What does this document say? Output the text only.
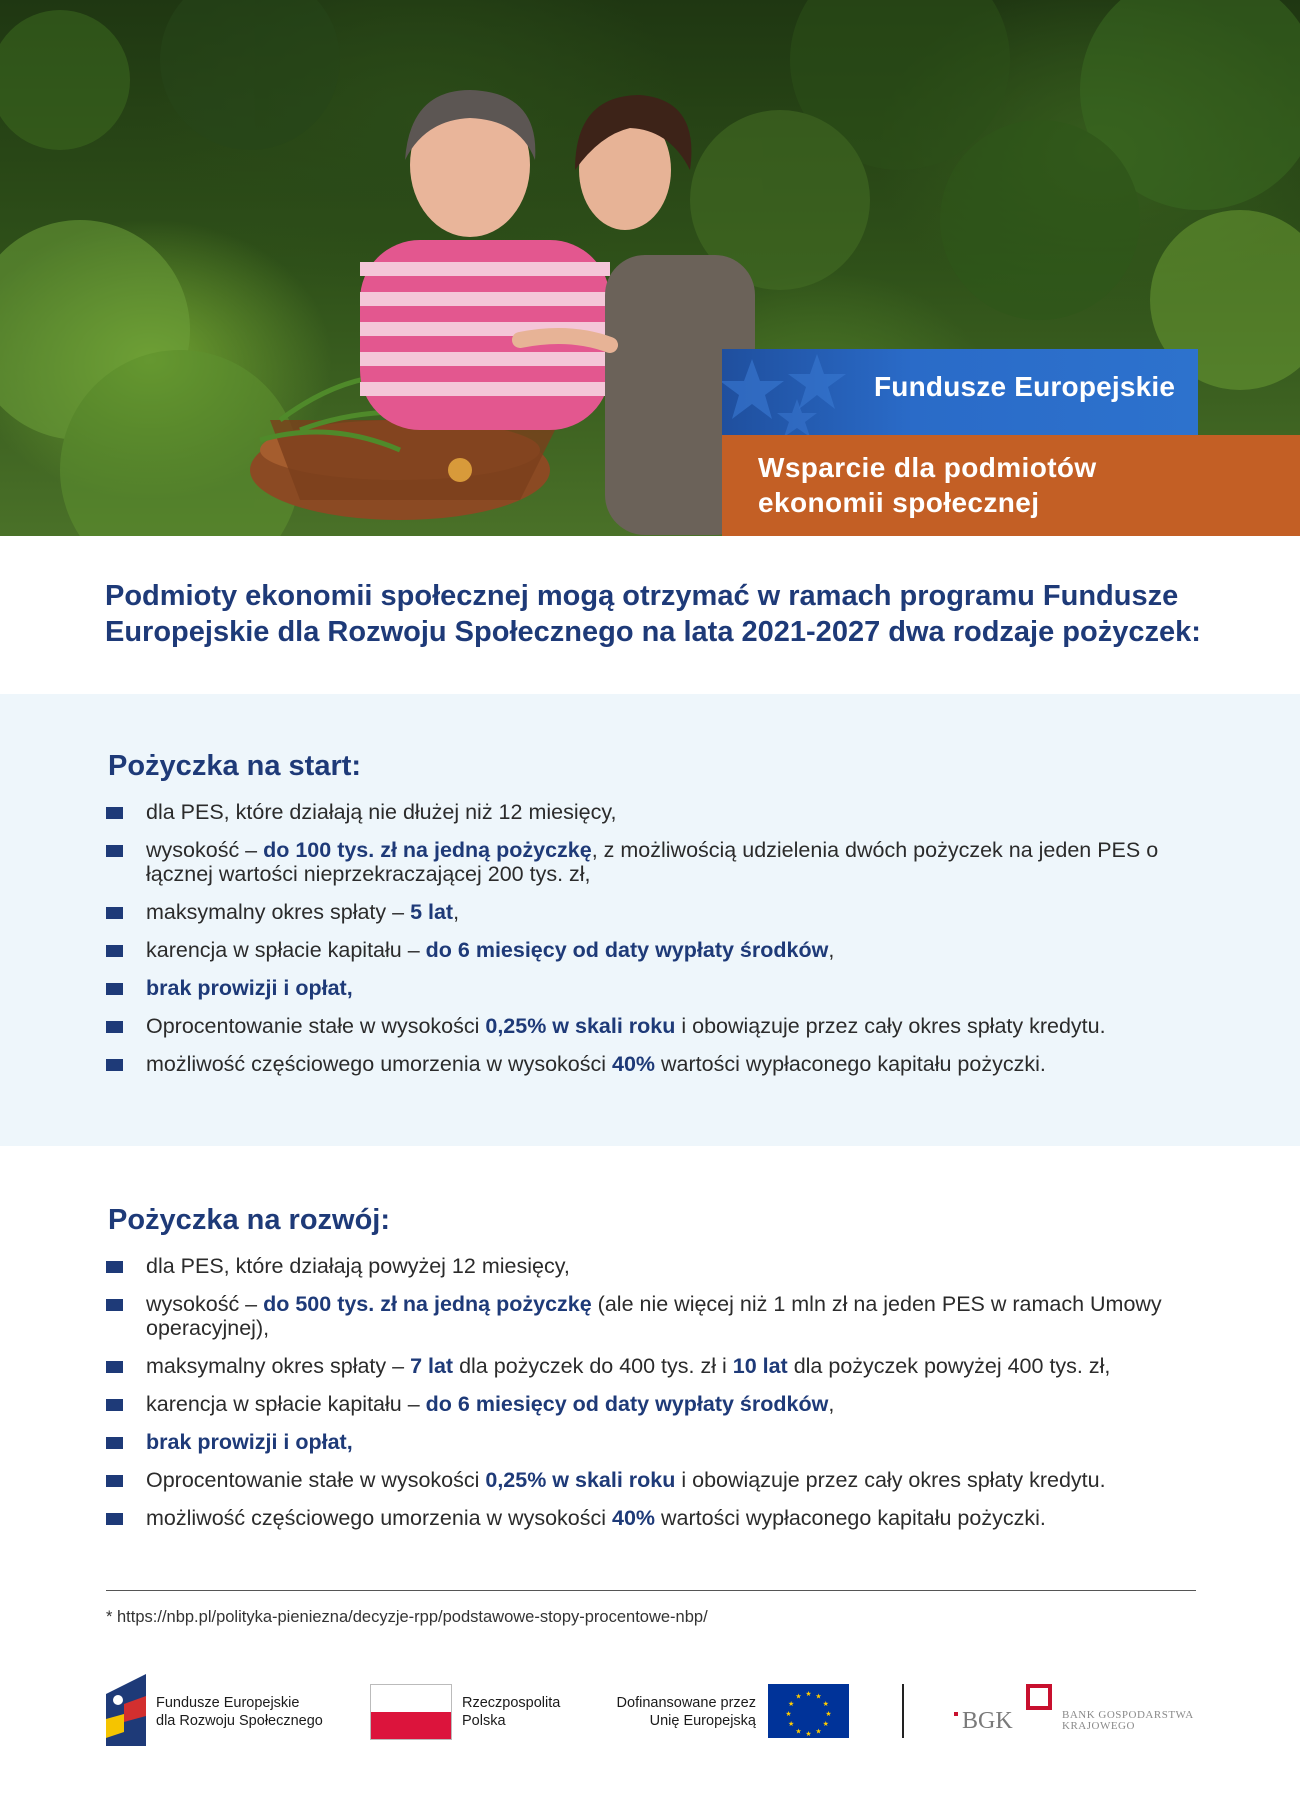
Fundusze Europejskie
Wsparcie dla podmiotów
ekonomii społecznej
Podmioty ekonomii społecznej mogą otrzymać w ramach programu Fundusze
Europejskie dla Rozwoju Społecznego na lata 2021-2027 dwa rodzaje pożyczek:
Pożyczka na start:
dla PES, które działają nie dłużej niż 12 miesięcy,
wysokość – do 100 tys. zł na jedną pożyczkę, z możliwością udzielenia dwóch pożyczek na jeden PES o łącznej wartości nieprzekraczającej 200 tys. zł,
maksymalny okres spłaty – 5 lat,
karencja w spłacie kapitału – do 6 miesięcy od daty wypłaty środków,
brak prowizji i opłat,
Oprocentowanie stałe w wysokości 0,25% w skali roku i obowiązuje przez cały okres spłaty kredytu.
możliwość częściowego umorzenia w wysokości 40% wartości wypłaconego kapitału pożyczki.
Pożyczka na rozwój:
dla PES, które działają powyżej 12 miesięcy,
wysokość – do 500 tys. zł na jedną pożyczkę (ale nie więcej niż 1 mln zł na jeden PES w ramach Umowy operacyjnej),
maksymalny okres spłaty – 7 lat dla pożyczek do 400 tys. zł i 10 lat dla pożyczek powyżej 400 tys. zł,
karencja w spłacie kapitału – do 6 miesięcy od daty wypłaty środków,
brak prowizji i opłat,
Oprocentowanie stałe w wysokości 0,25% w skali roku i obowiązuje przez cały okres spłaty kredytu.
możliwość częściowego umorzenia w wysokości 40% wartości wypłaconego kapitału pożyczki.
* https://nbp.pl/polityka-pieniezna/decyzje-rpp/podstawowe-stopy-procentowe-nbp/
Fundusze Europejskie
dla Rozwoju Społecznego
Rzeczpospolita
Polska
Dofinansowane przez
Unię Europejską
★ ★
★
★
★
★
★
★
★
★
★
★
BGK	BANK GOSPODARSTWA
KRAJOWEGO
